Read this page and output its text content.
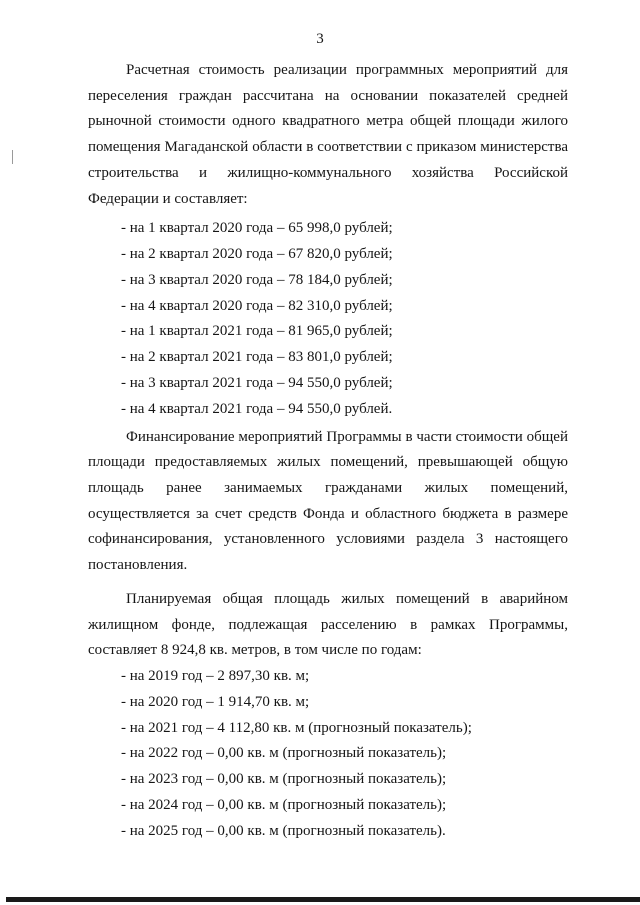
3

Расчетная стоимость реализации программных мероприятий для переселения граждан рассчитана на основании показателей средней рыночной стоимости одного квадратного метра общей площади жилого помещения Магаданской области в соответствии с приказом министерства строительства и жилищно-коммунального хозяйства Российской Федерации и составляет:

- на 1 квартал 2020 года – 65 998,0 рублей;
- на 2 квартал 2020 года – 67 820,0 рублей;
- на 3 квартал 2020 года – 78 184,0 рублей;
- на 4 квартал 2020 года – 82 310,0 рублей;
- на 1 квартал 2021 года – 81 965,0 рублей;
- на 2 квартал 2021 года – 83 801,0 рублей;
- на 3 квартал 2021 года – 94 550,0 рублей;
- на 4 квартал 2021 года – 94 550,0 рублей.

Финансирование мероприятий Программы в части стоимости общей площади предоставляемых жилых помещений, превышающей общую площадь ранее занимаемых гражданами жилых помещений, осуществляется за счет средств Фонда и областного бюджета в размере софинансирования, установленного условиями раздела 3 настоящего постановления.

Планируемая общая площадь жилых помещений в аварийном жилищном фонде, подлежащая расселению в рамках Программы, составляет 8 924,8 кв. метров, в том числе по годам:

- на 2019 год – 2 897,30 кв. м;
- на 2020 год – 1 914,70 кв. м;
- на 2021 год – 4 112,80 кв. м (прогнозный показатель);
- на 2022 год – 0,00 кв. м (прогнозный показатель);
- на 2023 год – 0,00 кв. м (прогнозный показатель);
- на 2024 год – 0,00 кв. м (прогнозный показатель);
- на 2025 год – 0,00 кв. м (прогнозный показатель).
